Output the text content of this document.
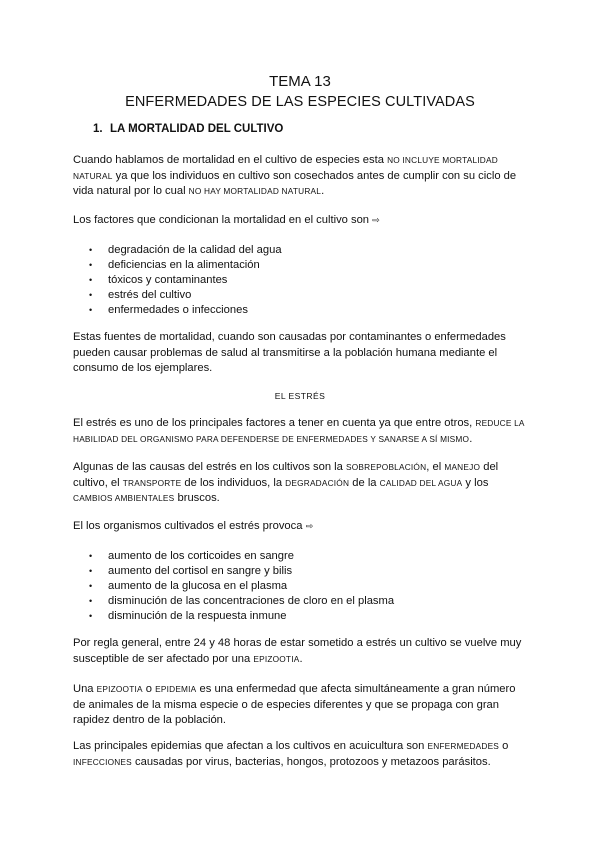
TEMA 13
ENFERMEDADES DE LAS ESPECIES CULTIVADAS
1. LA MORTALIDAD DEL CULTIVO
Cuando hablamos de mortalidad en el cultivo de especies esta NO INCLUYE MORTALIDAD NATURAL ya que los individuos en cultivo son cosechados antes de cumplir con su ciclo de vida natural por lo cual NO HAY MORTALIDAD NATURAL.
Los factores que condicionan la mortalidad en el cultivo son ⇨
• degradación de la calidad del agua
• deficiencias en la alimentación
• tóxicos y contaminantes
• estrés del cultivo
• enfermedades o infecciones
Estas fuentes de mortalidad, cuando son causadas por contaminantes o enfermedades pueden causar problemas de salud al transmitirse a la población humana mediante el consumo de los ejemplares.
EL ESTRÉS
El estrés es uno de los principales factores a tener en cuenta ya que entre otros, REDUCE LA HABILIDAD DEL ORGANISMO PARA DEFENDERSE DE ENFERMEDADES Y SANARSE A SÍ MISMO.
Algunas de las causas del estrés en los cultivos son la SOBREPOBLACIÓN, el MANEJO del cultivo, el TRANSPORTE de los individuos, la DEGRADACIÓN de la CALIDAD DEL AGUA y los CAMBIOS AMBIENTALES bruscos.
El los organismos cultivados el estrés provoca ⇨
• aumento de los corticoides en sangre
• aumento del cortisol en sangre y bilis
• aumento de la glucosa en el plasma
• disminución de las concentraciones de cloro en el plasma
• disminución de la respuesta inmune
Por regla general, entre 24 y 48 horas de estar sometido a estrés un cultivo se vuelve muy susceptible de ser afectado por una EPIZOOTIA.
Una EPIZOOTIA o EPIDEMIA es una enfermedad que afecta simultáneamente a gran número de animales de la misma especie o de especies diferentes y que se propaga con gran rapidez dentro de la población.
Las principales epidemias que afectan a los cultivos en acuicultura son ENFERMEDADES o INFECCIONES causadas por virus, bacterias, hongos, protozoos y metazoos parásitos.
